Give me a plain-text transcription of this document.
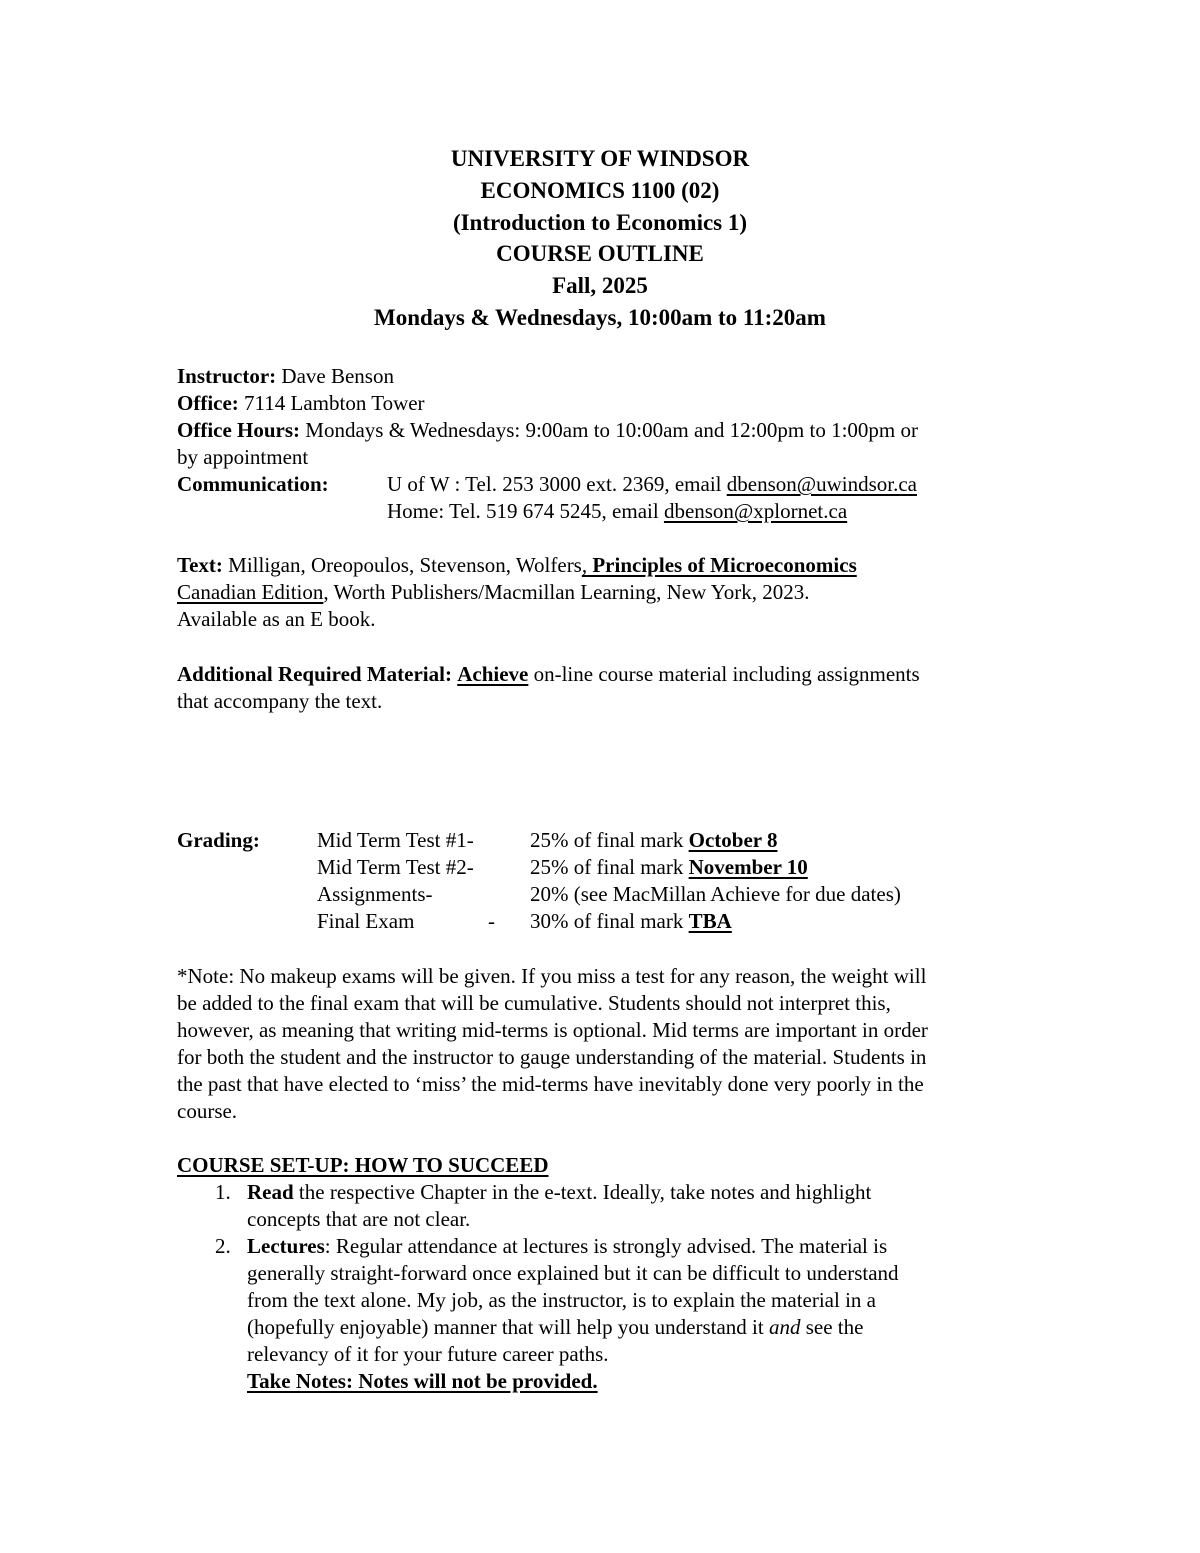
UNIVERSITY OF WINDSOR
ECONOMICS 1100 (02)
(Introduction to Economics 1)
COURSE OUTLINE
Fall, 2025
Mondays & Wednesdays, 10:00am to 11:20am
Instructor: Dave Benson
Office: 7114 Lambton Tower
Office Hours: Mondays & Wednesdays: 9:00am to 10:00am and 12:00pm to 1:00pm or
by appointment
Communication:	U of W : Tel. 253 3000 ext. 2369, email dbenson@uwindsor.ca
Home: Tel. 519 674 5245, email dbenson@xplornet.ca
Text: Milligan, Oreopoulos, Stevenson, Wolfers, Principles of Microeconomics
Canadian Edition, Worth Publishers/Macmillan Learning, New York, 2023.
Available as an E book.
Additional Required Material: Achieve on-line course material including assignments
that accompany the text.
Grading:	Mid Term Test #1-	25% of final mark October 8
Mid Term Test #2-	25% of final mark November 10
Assignments-	20% (see MacMillan Achieve for due dates)
Final Exam	- 30% of final mark TBA
*Note: No makeup exams will be given. If you miss a test for any reason, the weight will
be added to the final exam that will be cumulative. Students should not interpret this,
however, as meaning that writing mid-terms is optional. Mid terms are important in order
for both the student and the instructor to gauge understanding of the material. Students in
the past that have elected to ‘miss’ the mid-terms have inevitably done very poorly in the
course.
COURSE SET-UP: HOW TO SUCCEED
1. Read the respective Chapter in the e-text. Ideally, take notes and highlight
concepts that are not clear.
2. Lectures: Regular attendance at lectures is strongly advised. The material is
generally straight-forward once explained but it can be difficult to understand
from the text alone. My job, as the instructor, is to explain the material in a
(hopefully enjoyable) manner that will help you understand it and see the
relevancy of it for your future career paths.
Take Notes: Notes will not be provided.
